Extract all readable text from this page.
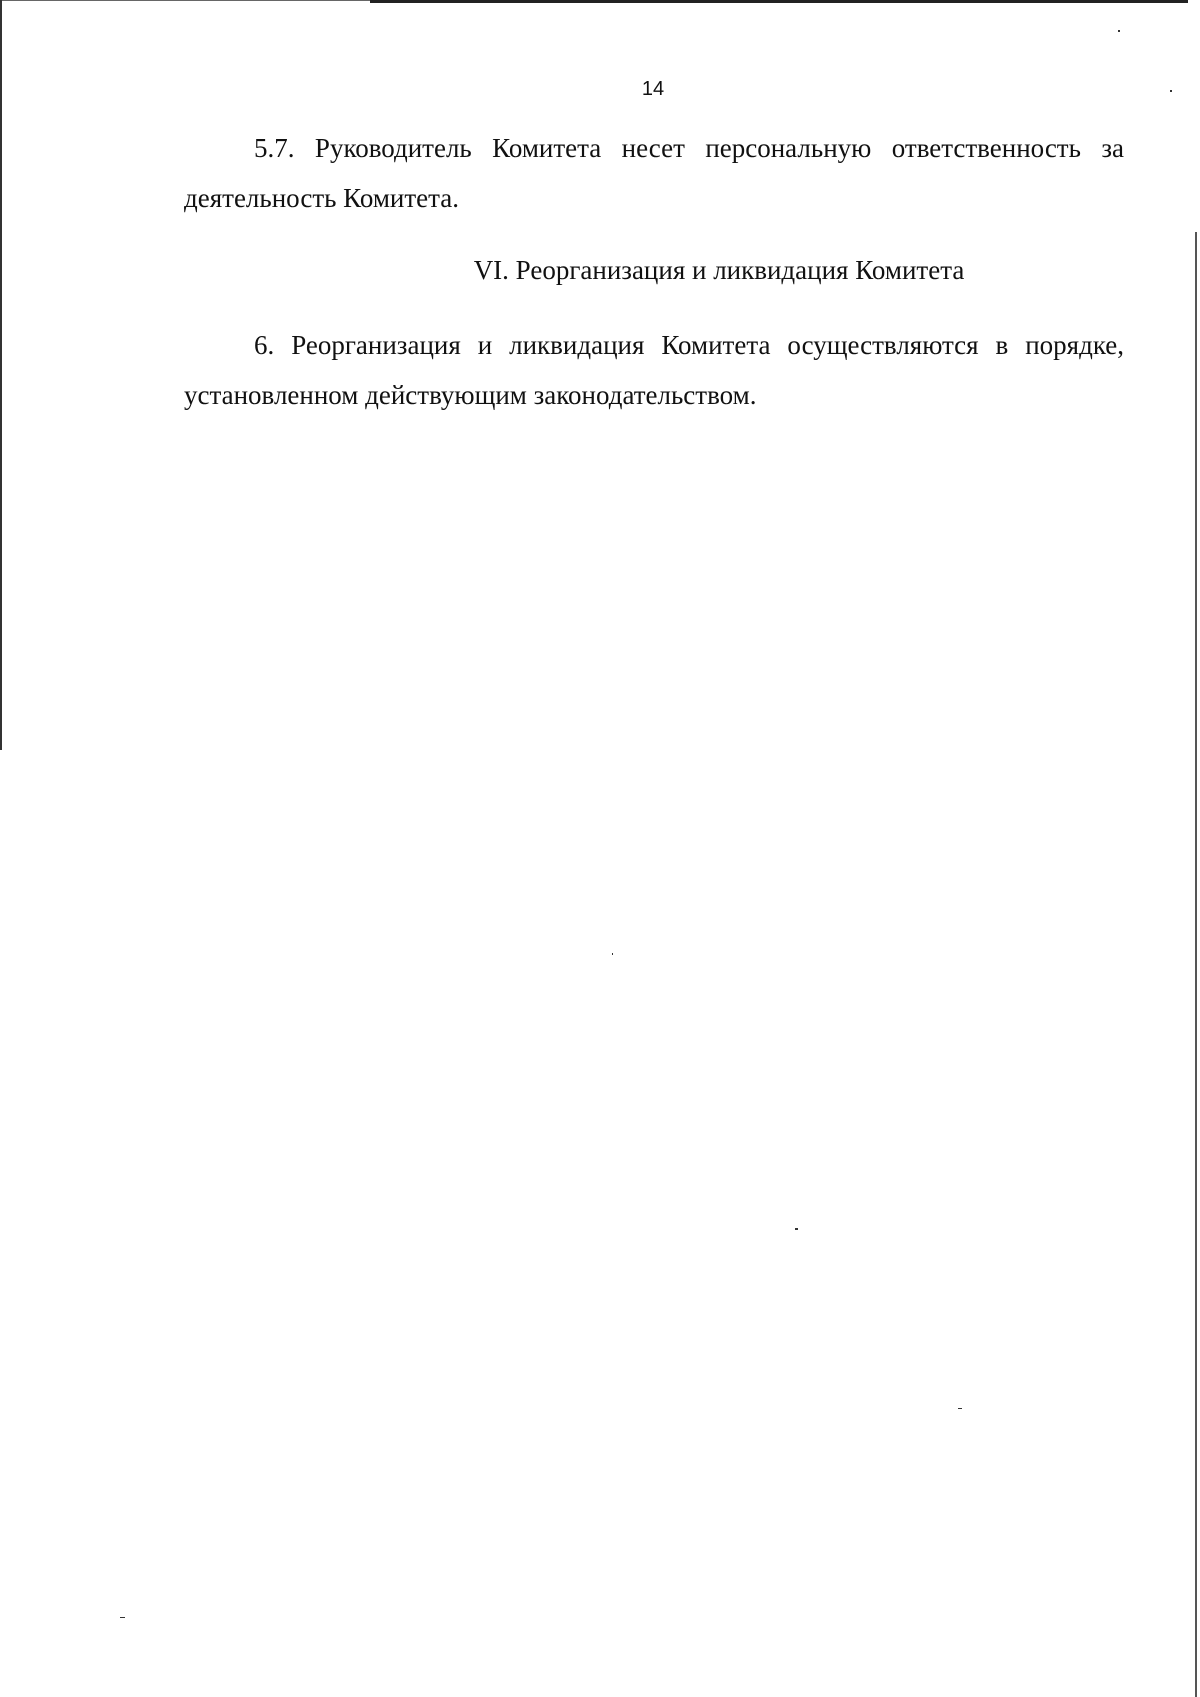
14
5.7. Руководитель Комитета несет персональную ответственность за деятельность Комитета.
VI. Реорганизация и ликвидация Комитета
6. Реорганизация и ликвидация Комитета осуществляются в порядке, установленном действующим законодательством.
